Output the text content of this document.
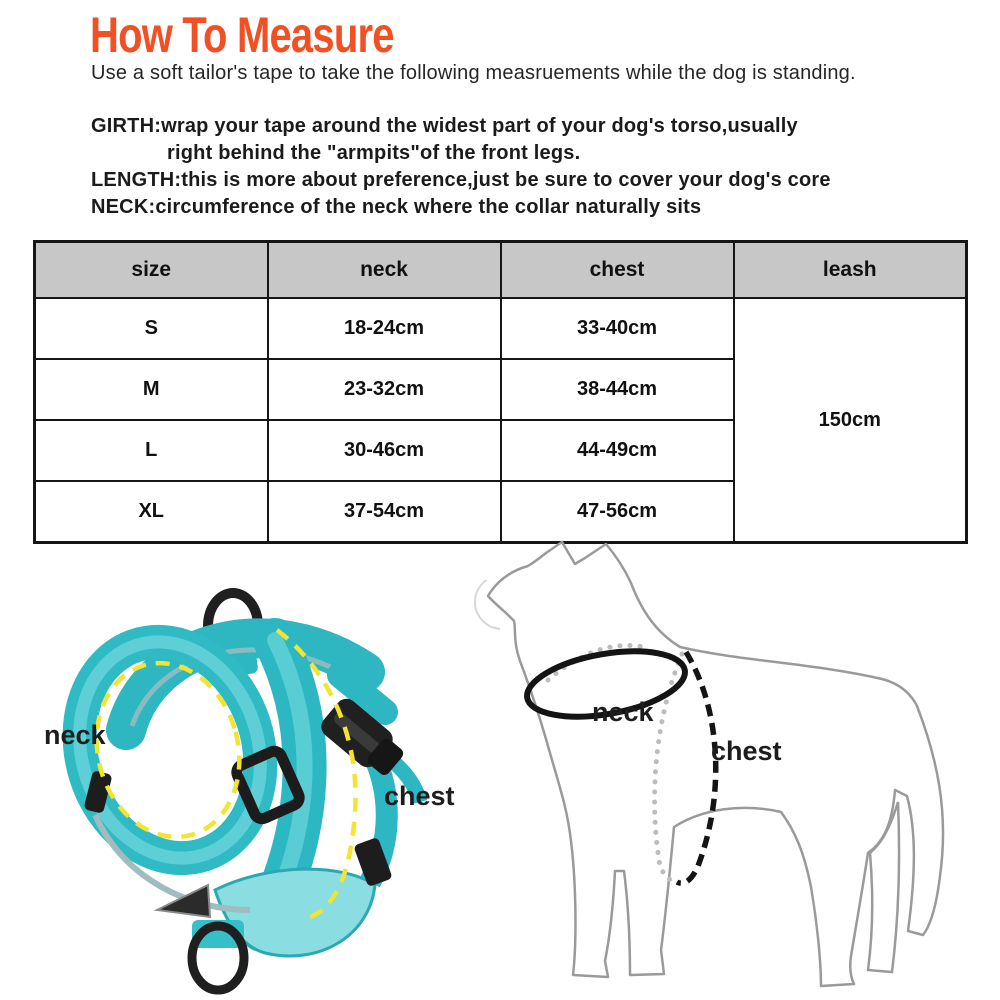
How To Measure
Use a soft tailor's tape to take the following measruements while the dog is standing.
GIRTH:wrap your tape around the widest part of your dog's torso,usually
right behind the "armpits"of the front legs.
LENGTH:this is more about preference,just be sure to cover your dog's core
NECK:circumference of the neck where the collar naturally sits
size	neck	chest	leash
S	18-24cm	33-40cm	150cm
M	23-32cm	38-44cm	
L	30-46cm	44-49cm	
XL	37-54cm	47-56cm	
neck
chest
neck
chest
